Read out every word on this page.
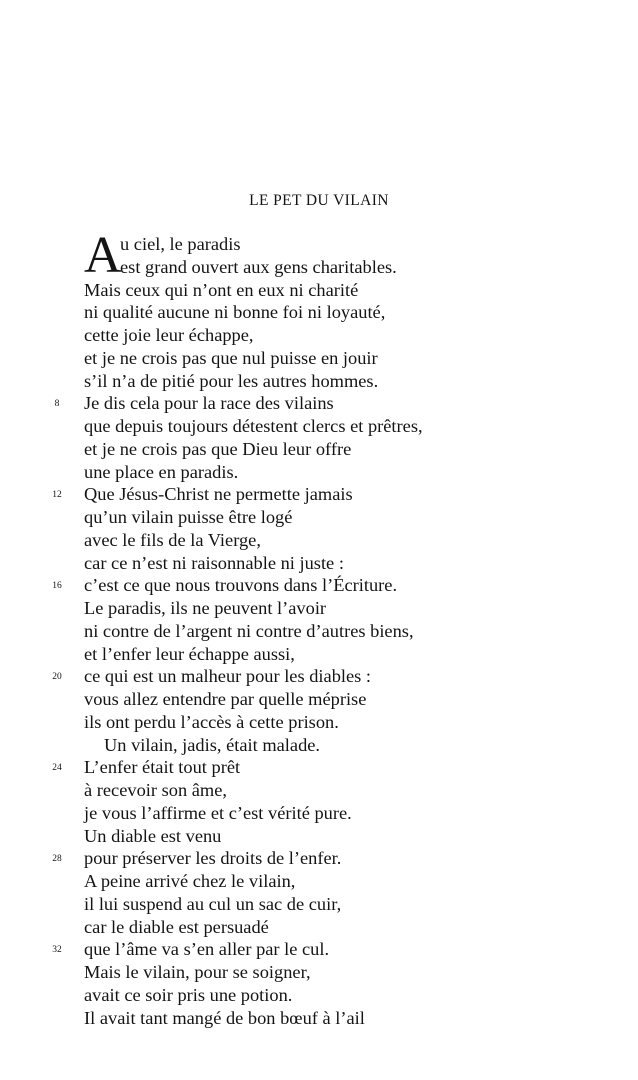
LE PET DU VILAIN
A
u ciel, le paradis
est grand ouvert aux gens charitables.
Mais ceux qui n’ont en eux ni charité
ni qualité aucune ni bonne foi ni loyauté,
cette joie leur échappe,
et je ne crois pas que nul puisse en jouir
s’il n’a de pitié pour les autres hommes.
8	Je dis cela pour la race des vilains
que depuis toujours détestent clercs et prêtres,
et je ne crois pas que Dieu leur offre
une place en paradis.
12 Que Jésus-Christ ne permette jamais
qu’un vilain puisse être logé
avec le fils de la Vierge,
car ce n’est ni raisonnable ni juste :
16 c’est ce que nous trouvons dans l’Écriture.
Le paradis, ils ne peuvent l’avoir
ni contre de l’argent ni contre d’autres biens,
et l’enfer leur échappe aussi,
20 ce qui est un malheur pour les diables :
vous allez entendre par quelle méprise
ils ont perdu l’accès à cette prison.
Un vilain, jadis, était malade.
24 L’enfer était tout prêt
à recevoir son âme,
je vous l’affirme et c’est vérité pure.
Un diable est venu
28 pour préserver les droits de l’enfer.
A peine arrivé chez le vilain,
il lui suspend au cul un sac de cuir,
car le diable est persuadé
32 que l’âme va s’en aller par le cul.
Mais le vilain, pour se soigner,
avait ce soir pris une potion.
Il avait tant mangé de bon bœuf à l’ail
